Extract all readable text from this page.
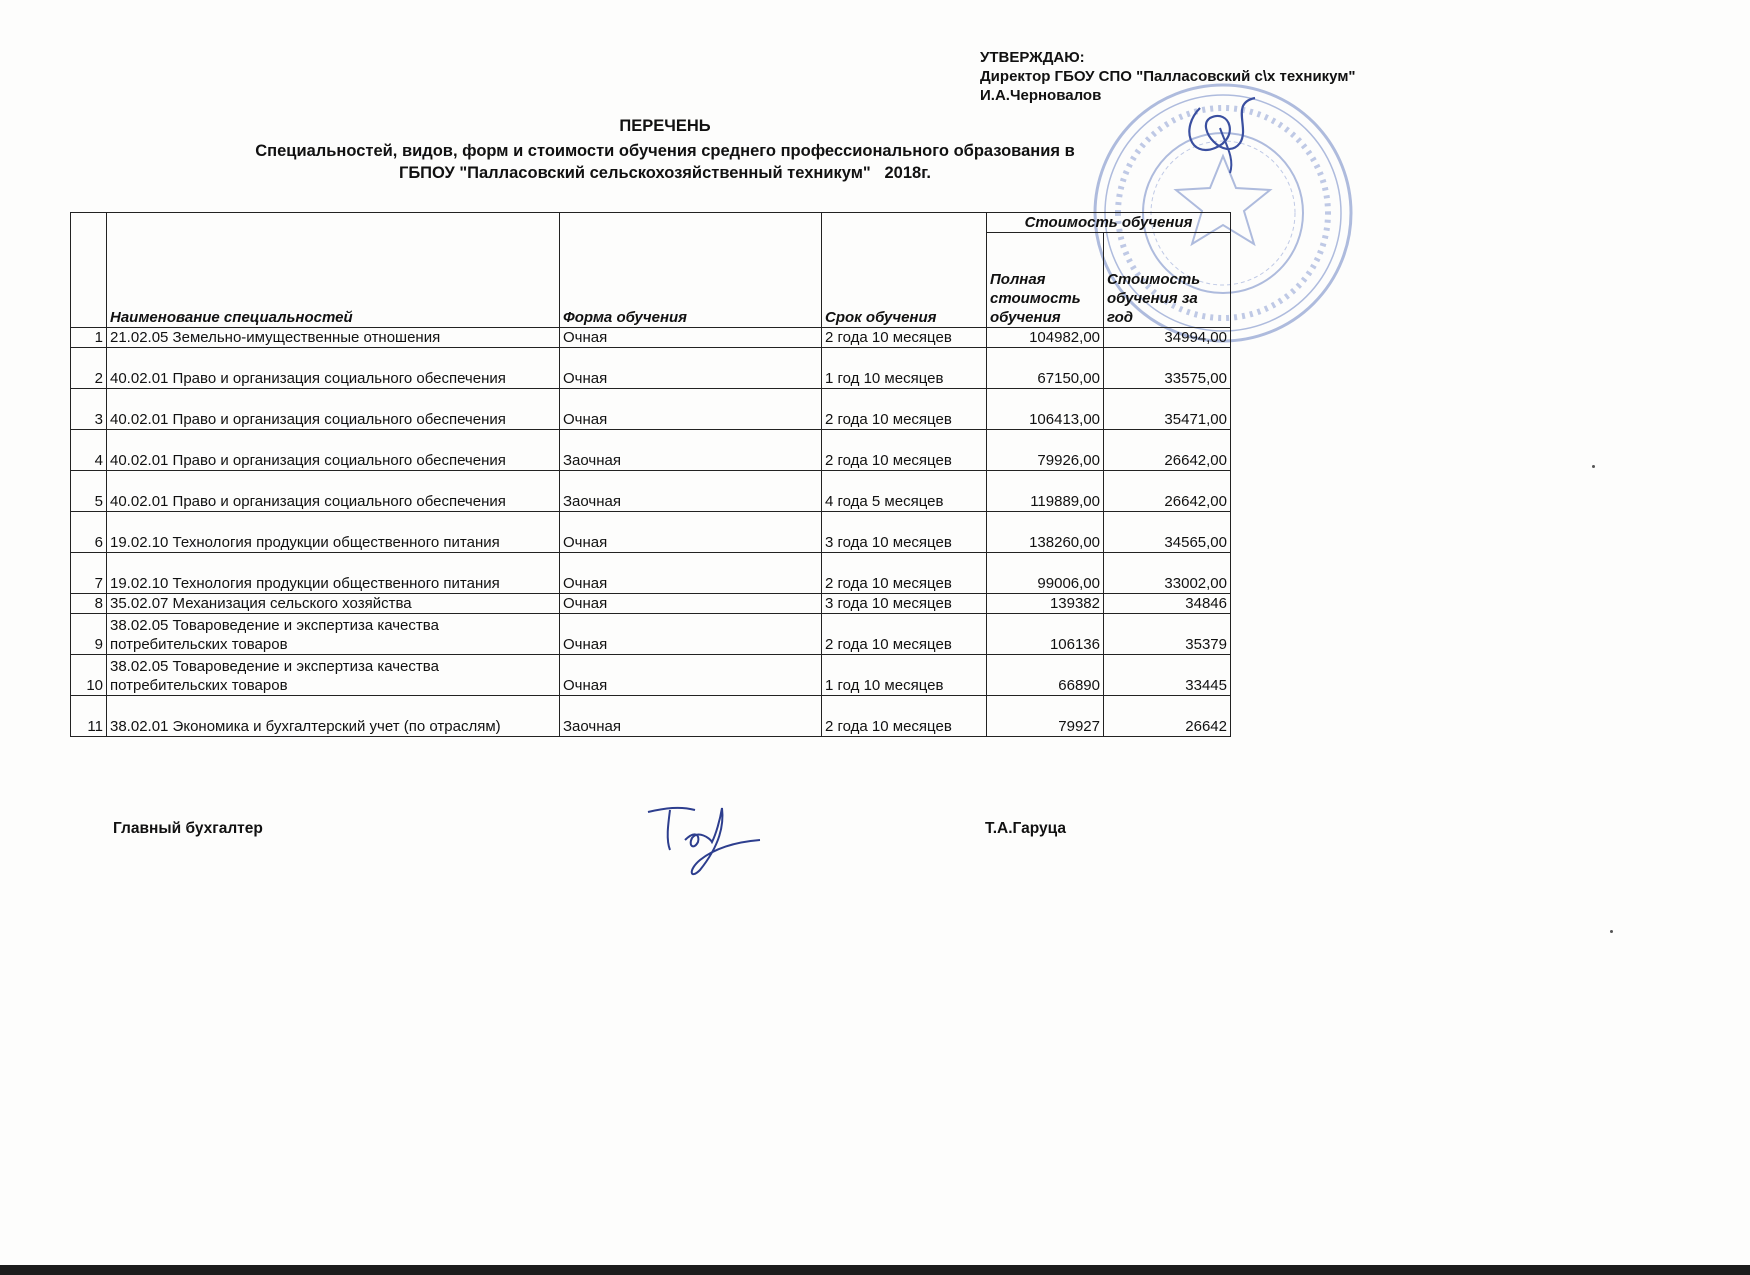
УТВЕРЖДАЮ:
Директор ГБОУ СПО "Палласовский с\х техникум"
И.А.Черновалов
ПЕРЕЧЕНЬ
Специальностей, видов, форм и стоимости обучения среднего профессионального образования в
ГБПОУ "Палласовский сельскохозяйственный техникум"   2018г.
	Наименование специальностей	Форма обучения	Срок обучения	Стоимость обучения	
				Полная стоимость обучения	Стоимость обучения за год
1	21.02.05 Земельно-имущественные отношения	Очная	2 года 10 месяцев	104982,00	34994,00
2	40.02.01 Право и организация социального обеспечения	Очная	1 год 10 месяцев	67150,00	33575,00
3	40.02.01 Право и организация социального обеспечения	Очная	2 года 10 месяцев	106413,00	35471,00
4	40.02.01 Право и организация социального обеспечения	Заочная	2 года 10 месяцев	79926,00	26642,00
5	40.02.01 Право и организация социального обеспечения	Заочная	4 года 5 месяцев	119889,00	26642,00
6	19.02.10 Технология продукции общественного питания	Очная	3 года 10 месяцев	138260,00	34565,00
7	19.02.10 Технология продукции общественного питания	Очная	2 года 10 месяцев	99006,00	33002,00
8	35.02.07 Механизация сельского хозяйства	Очная	3 года 10 месяцев	139382	34846
9	38.02.05 Товароведение и экспертиза качества потребительских товаров	Очная	2 года 10 месяцев	106136	35379
10	38.02.05 Товароведение и экспертиза качества потребительских товаров	Очная	1 год 10 месяцев	66890	33445
11	38.02.01 Экономика и бухгалтерский учет (по отраслям)	Заочная	2 года 10 месяцев	79927	26642
Главный бухгалтер	Т.А.Гаруца
